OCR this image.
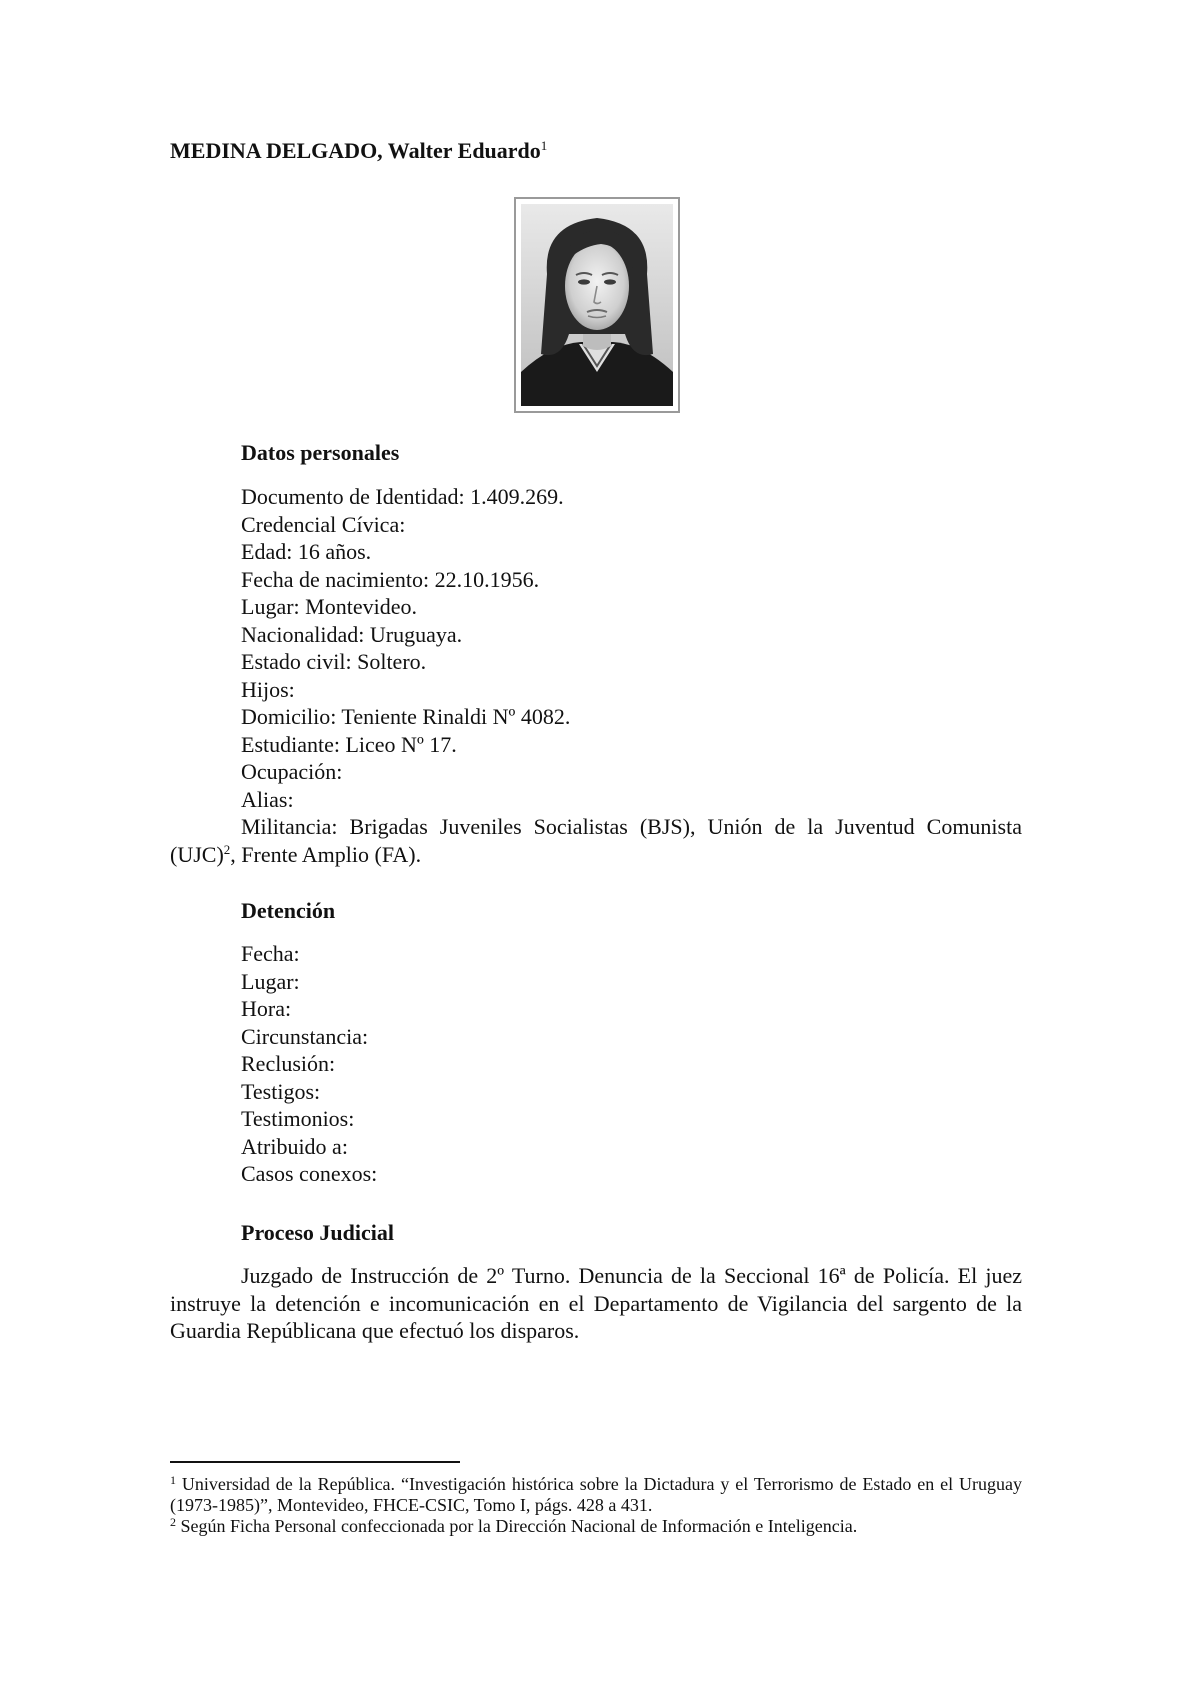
MEDINA DELGADO, Walter Eduardo$^1$
Datos personales
Documento de Identidad: 1.409.269.
Credencial Cívica:
Edad: 16 años.
Fecha de nacimiento: 22.10.1956.
Lugar: Montevideo.
Nacionalidad: Uruguaya.
Estado civil: Soltero.
Hijos:
Domicilio: Teniente Rinaldi Nº 4082.
Estudiante: Liceo Nº 17.
Ocupación:
Alias:

Militancia: Brigadas Juveniles Socialistas (BJS), Unión de la Juventud Comunista (UJC)$^2$, Frente Amplio (FA).

Detención
Fecha:
Lugar:
Hora:
Circunstancia:
Reclusión:
Testigos:
Testimonios:
Atribuido a:
Casos conexos:
Proceso Judicial

Juzgado de Instrucción de 2º Turno. Denuncia de la Seccional 16ª de Policía. El juez instruye la detención e incomunicación en el Departamento de Vigilancia del sargento de la Guardia Repúblicana que efectuó los disparos.

$^1$ Universidad de la República. “Investigación histórica sobre la Dictadura y el Terrorismo de Estado en el Uruguay (1973-1985)”, Montevideo, FHCE-CSIC, Tomo I, págs. 428 a 431.

$^2$ Según Ficha Personal confeccionada por la Dirección Nacional de Información e Inteligencia.
